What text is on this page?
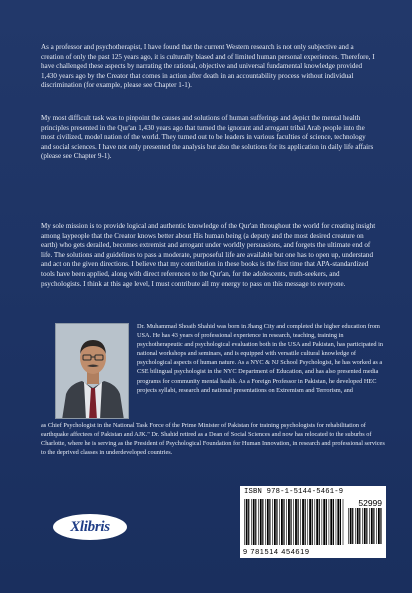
As a professor and psychotherapist, I have found that the current Western research is not only subjective and a creation of only the past 125 years ago, it is culturally biased and of limited human personal experiences. Therefore, I have challenged these aspects by narrating the rational, objective and universal fundamental knowledge provided 1,430 years ago by the Creator that comes in action after death in an accountability process without individual discrimination (for example, please see Chapter 1-1).

My most difficult task was to pinpoint the causes and solutions of human sufferings and depict the mental health principles presented in the Qur'an 1,430 years ago that turned the ignorant and arrogant tribal Arab people into the most civilized, model nation of the world. They turned out to be leaders in various faculties of science, technology and social sciences. I have not only presented the analysis but also the solutions for its application in daily life affairs (please see Chapter 9-1).

My sole mission is to provide logical and authentic knowledge of the Qur'an throughout the world for creating insight among laypeople that the Creator knows better about His human being (a deputy and the most desired creature on earth) who gets derailed, becomes extremist and arrogant under worldly persuasions, and forgets the ultimate end of life. The solutions and guidelines to pass a moderate, purposeful life are available but one has to open up, understand and act on the given directions. I believe that my contribution in these books is the first time that APA-standardized tools have been applied, along with direct references to the Qur'an, for the adolescents, truth-seekers, and psychologists. I think at this age level, I must contribute all my energy to pass on this message to everyone.

Dr. Muhammad Shoaib Shahid was born in Jhang City and completed the higher education from USA. He has 43 years of professional experience in research, teaching, training in psychotherapeutic and psychological evaluation both in the USA and Pakistan, has participated in national workshops and seminars, and is equipped with versatile cultural knowledge of psychological aspects of human nature. As a NYC & NJ School Psychologist, he has worked as a CSE bilingual psychologist in the NYC Department of Education, and has also presented media programs for community mental health. As a Foreign Professor in Pakistan, he developed HEC projects syllabi, research and national presentations on Extremism and Terrorism, and

as Chief Psychologist in the National Task Force of the Prime Minister of Pakistan for training psychologists for rehabilitation of earthquake affectees of Pakistan and AJK." Dr. Shahid retired as a Dean of Social Sciences and now has relocated to the suburbs of Charlotte, where he is serving as the President of Psychological Foundation for Human Innovation, in research and professional services to the deprived classes in underdeveloped countries.

Xlibris
ISBN 978-1-5144-5461-9
52999
9 781514 454619
